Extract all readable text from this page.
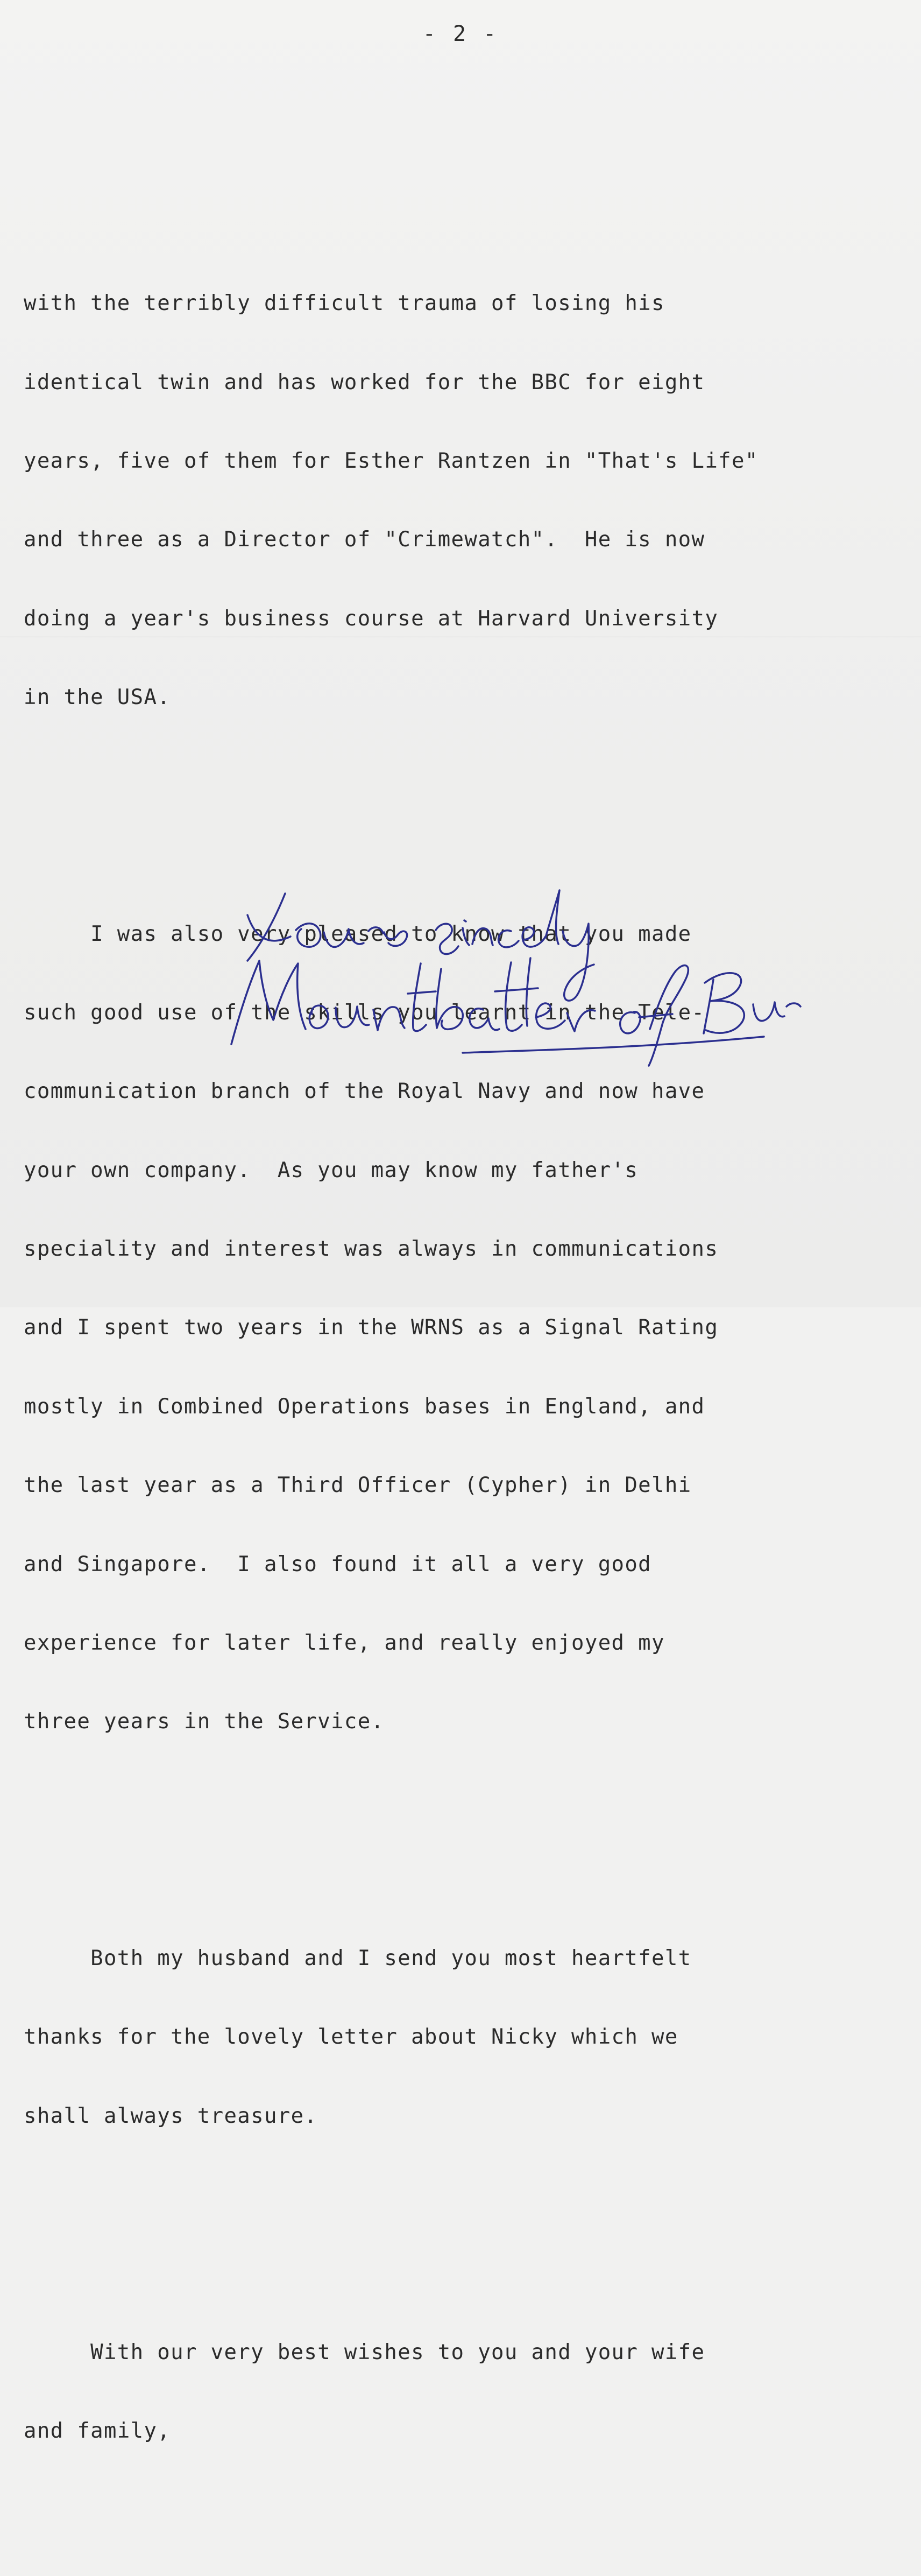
- 2 -

with the terribly difficult trauma of losing his

identical twin and has worked for the BBC for eight

years, five of them for Esther Rantzen in "That's Life"

and three as a Director of "Crimewatch".  He is now

doing a year's business course at Harvard University

in the USA.

I was also very pleased to know that you made

such good use of the skills you learnt in the Tele-

communication branch of the Royal Navy and now have

your own company.  As you may know my father's

speciality and interest was always in communications

and I spent two years in the WRNS as a Signal Rating

mostly in Combined Operations bases in England, and

the last year as a Third Officer (Cypher) in Delhi

and Singapore.  I also found it all a very good

experience for later life, and really enjoyed my

three years in the Service.

Both my husband and I send you most heartfelt

thanks for the lovely letter about Nicky which we

shall always treasure.

With our very best wishes to you and your wife

and family,
